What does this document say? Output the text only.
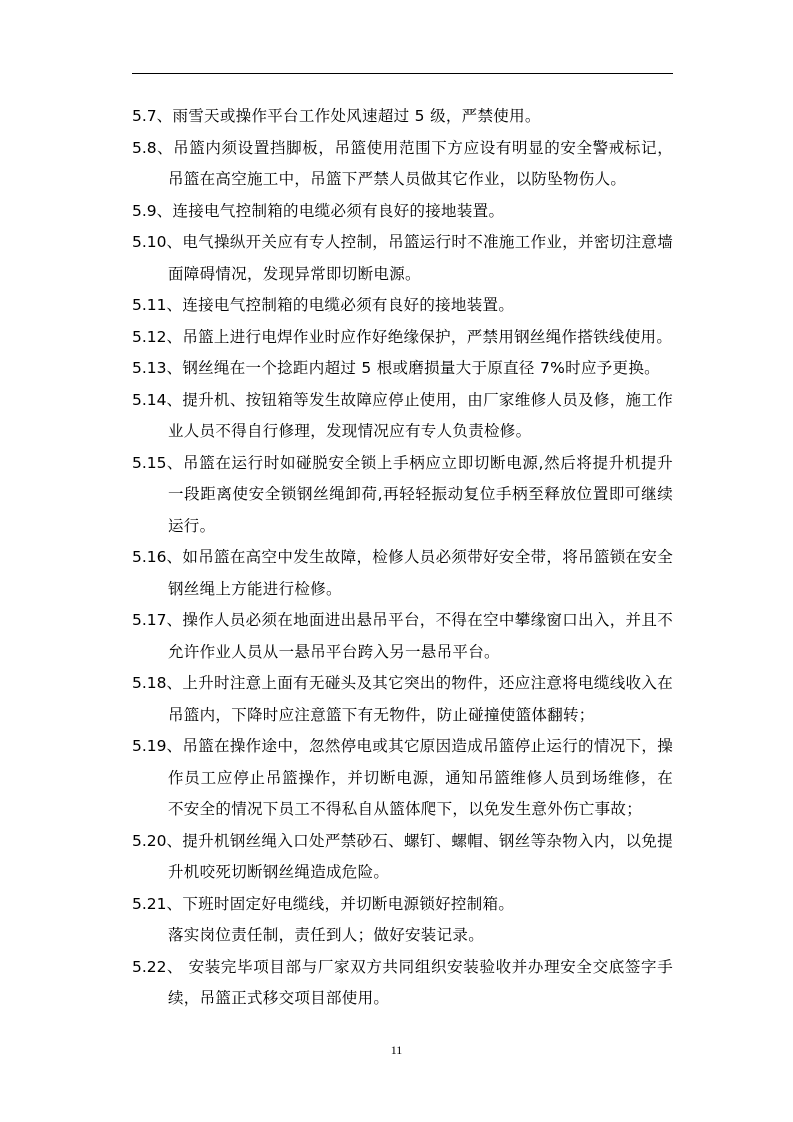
5.7、雨雪天或操作平台工作处风速超过 5 级，严禁使用。
5.8、吊篮内须设置挡脚板，吊篮使用范围下方应设有明显的安全警戒标记，吊篮在高空施工中，吊篮下严禁人员做其它作业，以防坠物伤人。
5.9、连接电气控制箱的电缆必须有良好的接地装置。
5.10、电气操纵开关应有专人控制，吊篮运行时不准施工作业，并密切注意墙面障碍情况，发现异常即切断电源。
5.11、连接电气控制箱的电缆必须有良好的接地装置。
5.12、吊篮上进行电焊作业时应作好绝缘保护，严禁用钢丝绳作搭铁线使用。
5.13、钢丝绳在一个捻距内超过 5 根或磨损量大于原直径 7%时应予更换。
5.14、提升机、按钮箱等发生故障应停止使用，由厂家维修人员及修，施工作业人员不得自行修理，发现情况应有专人负责检修。
5.15、吊篮在运行时如碰脱安全锁上手柄应立即切断电源,然后将提升机提升一段距离使安全锁钢丝绳卸荷,再轻轻振动复位手柄至释放位置即可继续运行。
5.16、如吊篮在高空中发生故障，检修人员必须带好安全带，将吊篮锁在安全钢丝绳上方能进行检修。
5.17、操作人员必须在地面进出悬吊平台，不得在空中攀缘窗口出入，并且不允许作业人员从一悬吊平台跨入另一悬吊平台。
5.18、上升时注意上面有无碰头及其它突出的物件，还应注意将电缆线收入在吊篮内，下降时应注意篮下有无物件，防止碰撞使篮体翻转；
5.19、吊篮在操作途中，忽然停电或其它原因造成吊篮停止运行的情况下，操作员工应停止吊篮操作，并切断电源，通知吊篮维修人员到场维修，在不安全的情况下员工不得私自从篮体爬下，以免发生意外伤亡事故；
5.20、提升机钢丝绳入口处严禁砂石、螺钉、螺帽、钢丝等杂物入内，以免提升机咬死切断钢丝绳造成危险。
5.21、下班时固定好电缆线，并切断电源锁好控制箱。
落实岗位责任制，责任到人；做好安装记录。
5.22、 安装完毕项目部与厂家双方共同组织安装验收并办理安全交底签字手续，吊篮正式移交项目部使用。
11
